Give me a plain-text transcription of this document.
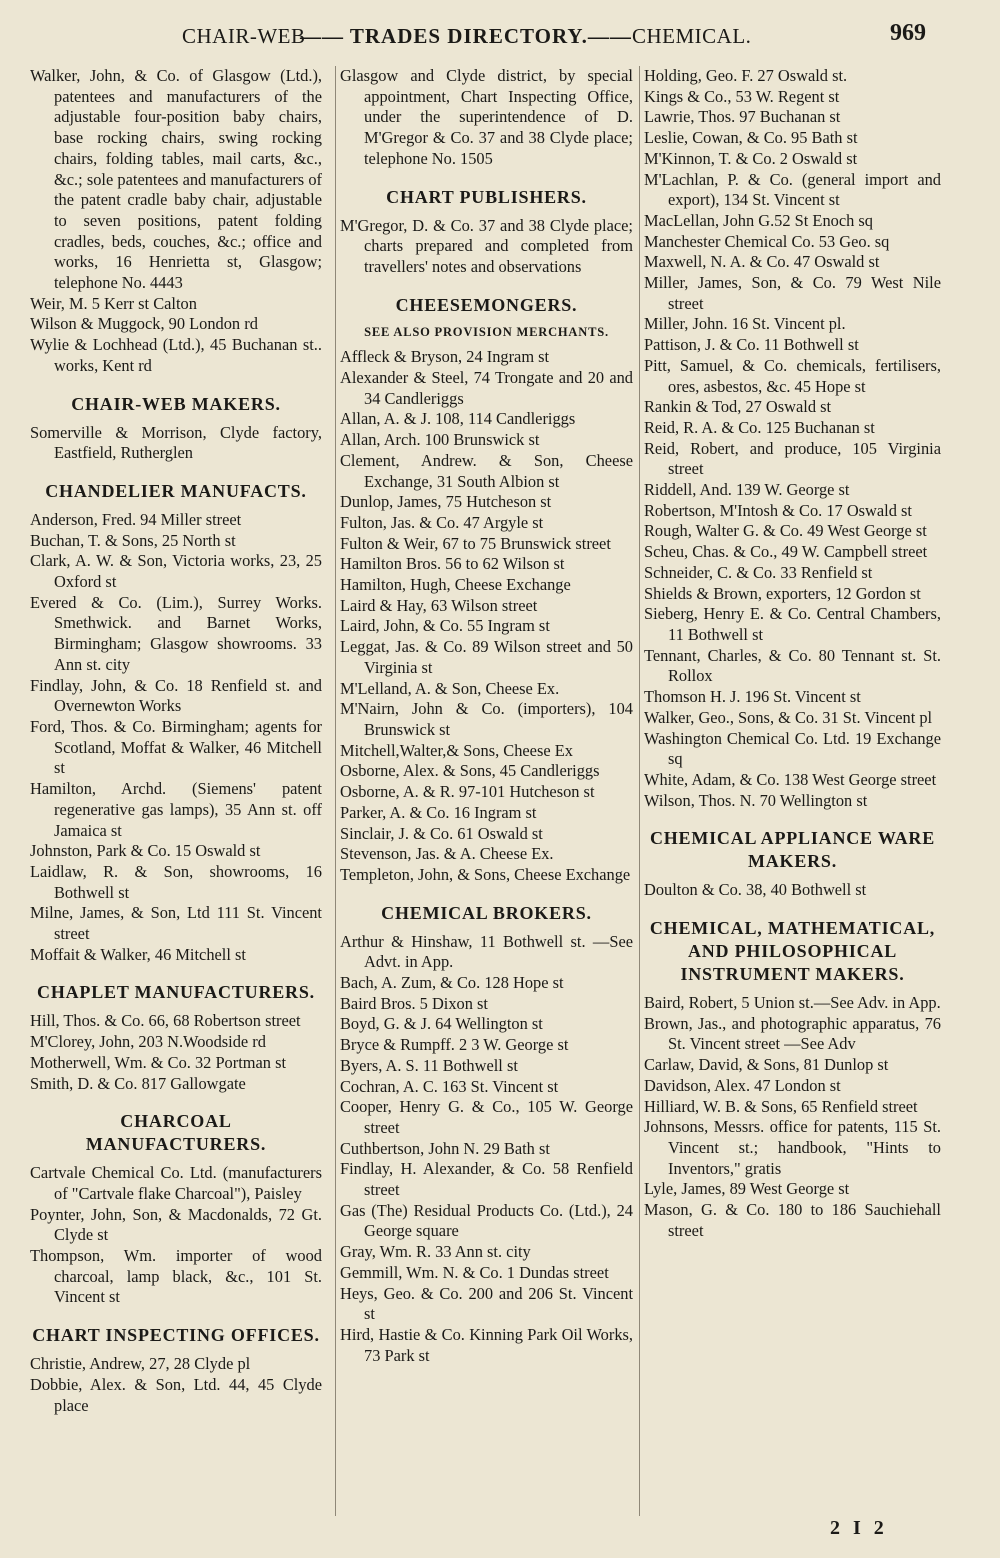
CHAIR-WEB
—— TRADES DIRECTORY.—— CHEMICAL.	969

Walker, John, & Co. of Glasgow (Ltd.), patentees and manufacturers of the adjustable four-position baby chairs, base rocking chairs, swing rocking chairs, folding tables, mail carts, &c., &c.; sole patentees and manufacturers of the patent cradle baby chair, adjustable to seven positions, patent folding cradles, beds, couches, &c.; office and works, 16 Henrietta st, Glasgow; telephone No. 4443

Weir, M. 5 Kerr st Calton

Wilson & Muggock, 90 London rd

Wylie & Lochhead (Ltd.), 45 Buchanan st.. works, Kent rd

CHAIR-WEB MAKERS.

Somerville & Morrison, Clyde factory, Eastfield, Rutherglen

CHANDELIER MANUFACTS.

Anderson, Fred. 94 Miller street

Buchan, T. & Sons, 25 North st

Clark, A. W. & Son, Victoria works, 23, 25 Oxford st

Evered & Co. (Lim.), Surrey Works. Smethwick. and Barnet Works, Birmingham; Glasgow showrooms. 33 Ann st. city

Findlay, John, & Co. 18 Renfield st. and Overnewton Works

Ford, Thos. & Co. Birmingham; agents for Scotland, Moffat & Walker, 46 Mitchell st

Hamilton, Archd. (Siemens' patent regenerative gas lamps), 35 Ann st. off Jamaica st

Johnston, Park & Co. 15 Oswald st

Laidlaw, R. & Son, showrooms, 16 Bothwell st

Milne, James, & Son, Ltd 111 St. Vincent street

Moffait & Walker, 46 Mitchell st

CHAPLET MANUFACTURERS.

Hill, Thos. & Co. 66, 68 Robertson street

M'Clorey, John, 203 N.Woodside rd

Motherwell, Wm. & Co. 32 Portman st

Smith, D. & Co. 817 Gallowgate

CHARCOAL MANUFACTURERS.

Cartvale Chemical Co. Ltd. (manufacturers of "Cartvale flake Charcoal"), Paisley

Poynter, John, Son, & Macdonalds, 72 Gt. Clyde st

Thompson, Wm. importer of wood charcoal, lamp black, &c., 101 St. Vincent st

CHART INSPECTING OFFICES.

Christie, Andrew, 27, 28 Clyde pl

Dobbie, Alex. & Son, Ltd. 44, 45 Clyde place

Glasgow and Clyde district, by special appointment, Chart Inspecting Office, under the superintendence of D. M'Gregor & Co. 37 and 38 Clyde place; telephone No. 1505

CHART PUBLISHERS.

M'Gregor, D. & Co. 37 and 38 Clyde place; charts prepared and completed from travellers' notes and observations

CHEESEMONGERS.

SEE ALSO PROVISION MERCHANTS.

Affleck & Bryson, 24 Ingram st

Alexander & Steel, 74 Trongate and 20 and 34 Candleriggs

Allan, A. & J. 108, 114 Candleriggs

Allan, Arch. 100 Brunswick st

Clement, Andrew. & Son, Cheese Exchange, 31 South Albion st

Dunlop, James, 75 Hutcheson st

Fulton, Jas. & Co. 47 Argyle st

Fulton & Weir, 67 to 75 Brunswick street

Hamilton Bros. 56 to 62 Wilson st

Hamilton, Hugh, Cheese Exchange

Laird & Hay, 63 Wilson street

Laird, John, & Co. 55 Ingram st

Leggat, Jas. & Co. 89 Wilson street and 50 Virginia st

M'Lelland, A. & Son, Cheese Ex.

M'Nairn, John & Co. (importers), 104 Brunswick st

Mitchell,Walter,& Sons, Cheese Ex

Osborne, Alex. & Sons, 45 Candleriggs

Osborne, A. & R. 97-101 Hutcheson st

Parker, A. & Co. 16 Ingram st

Sinclair, J. & Co. 61 Oswald st

Stevenson, Jas. & A. Cheese Ex.

Templeton, John, & Sons, Cheese Exchange

CHEMICAL BROKERS.

Arthur & Hinshaw, 11 Bothwell st. —See Advt. in App.

Bach, A. Zum, & Co. 128 Hope st

Baird Bros. 5 Dixon st

Boyd, G. & J. 64 Wellington st

Bryce & Rumpff. 2 3 W. George st

Byers, A. S. 11 Bothwell st

Cochran, A. C. 163 St. Vincent st

Cooper, Henry G. & Co., 105 W. George street

Cuthbertson, John N. 29 Bath st

Findlay, H. Alexander, & Co. 58 Renfield street

Gas (The) Residual Products Co. (Ltd.), 24 George square

Gray, Wm. R. 33 Ann st. city

Gemmill, Wm. N. & Co. 1 Dundas street

Heys, Geo. & Co. 200 and 206 St. Vincent st

Hird, Hastie & Co. Kinning Park Oil Works, 73 Park st

Holding, Geo. F. 27 Oswald st.

Kings & Co., 53 W. Regent st

Lawrie, Thos. 97 Buchanan st

Leslie, Cowan, & Co. 95 Bath st

M'Kinnon, T. & Co. 2 Oswald st

M'Lachlan, P. & Co. (general import and export), 134 St. Vincent st

MacLellan, John G.52 St Enoch sq

Manchester Chemical Co. 53 Geo. sq

Maxwell, N. A. & Co. 47 Oswald st

Miller, James, Son, & Co. 79 West Nile street

Miller, John. 16 St. Vincent pl.

Pattison, J. & Co. 11 Bothwell st

Pitt, Samuel, & Co. chemicals, fertilisers, ores, asbestos, &c. 45 Hope st

Rankin & Tod, 27 Oswald st

Reid, R. A. & Co. 125 Buchanan st

Reid, Robert, and produce, 105 Virginia street

Riddell, And. 139 W. George st

Robertson, M'Intosh & Co. 17 Oswald st

Rough, Walter G. & Co. 49 West George st

Scheu, Chas. & Co., 49 W. Campbell street

Schneider, C. & Co. 33 Renfield st

Shields & Brown, exporters, 12 Gordon st

Sieberg, Henry E. & Co. Central Chambers, 11 Bothwell st

Tennant, Charles, & Co. 80 Tennant st. St. Rollox

Thomson H. J. 196 St. Vincent st

Walker, Geo., Sons, & Co. 31 St. Vincent pl

Washington Chemical Co. Ltd. 19 Exchange sq

White, Adam, & Co. 138 West George street

Wilson, Thos. N. 70 Wellington st

CHEMICAL APPLIANCE WARE MAKERS.

Doulton & Co. 38, 40 Bothwell st

CHEMICAL, MATHEMATICAL, AND PHILOSOPHICAL INSTRUMENT MAKERS.

Baird, Robert, 5 Union st.—See Adv. in App.

Brown, Jas., and photographic apparatus, 76 St. Vincent street —See Adv

Carlaw, David, & Sons, 81 Dunlop st

Davidson, Alex. 47 London st

Hilliard, W. B. & Sons, 65 Renfield street

Johnsons, Messrs. office for patents, 115 St. Vincent st.; handbook, "Hints to Inventors," gratis

Lyle, James, 89 West George st

Mason, G. & Co. 180 to 186 Sauchiehall street

2 I 2
